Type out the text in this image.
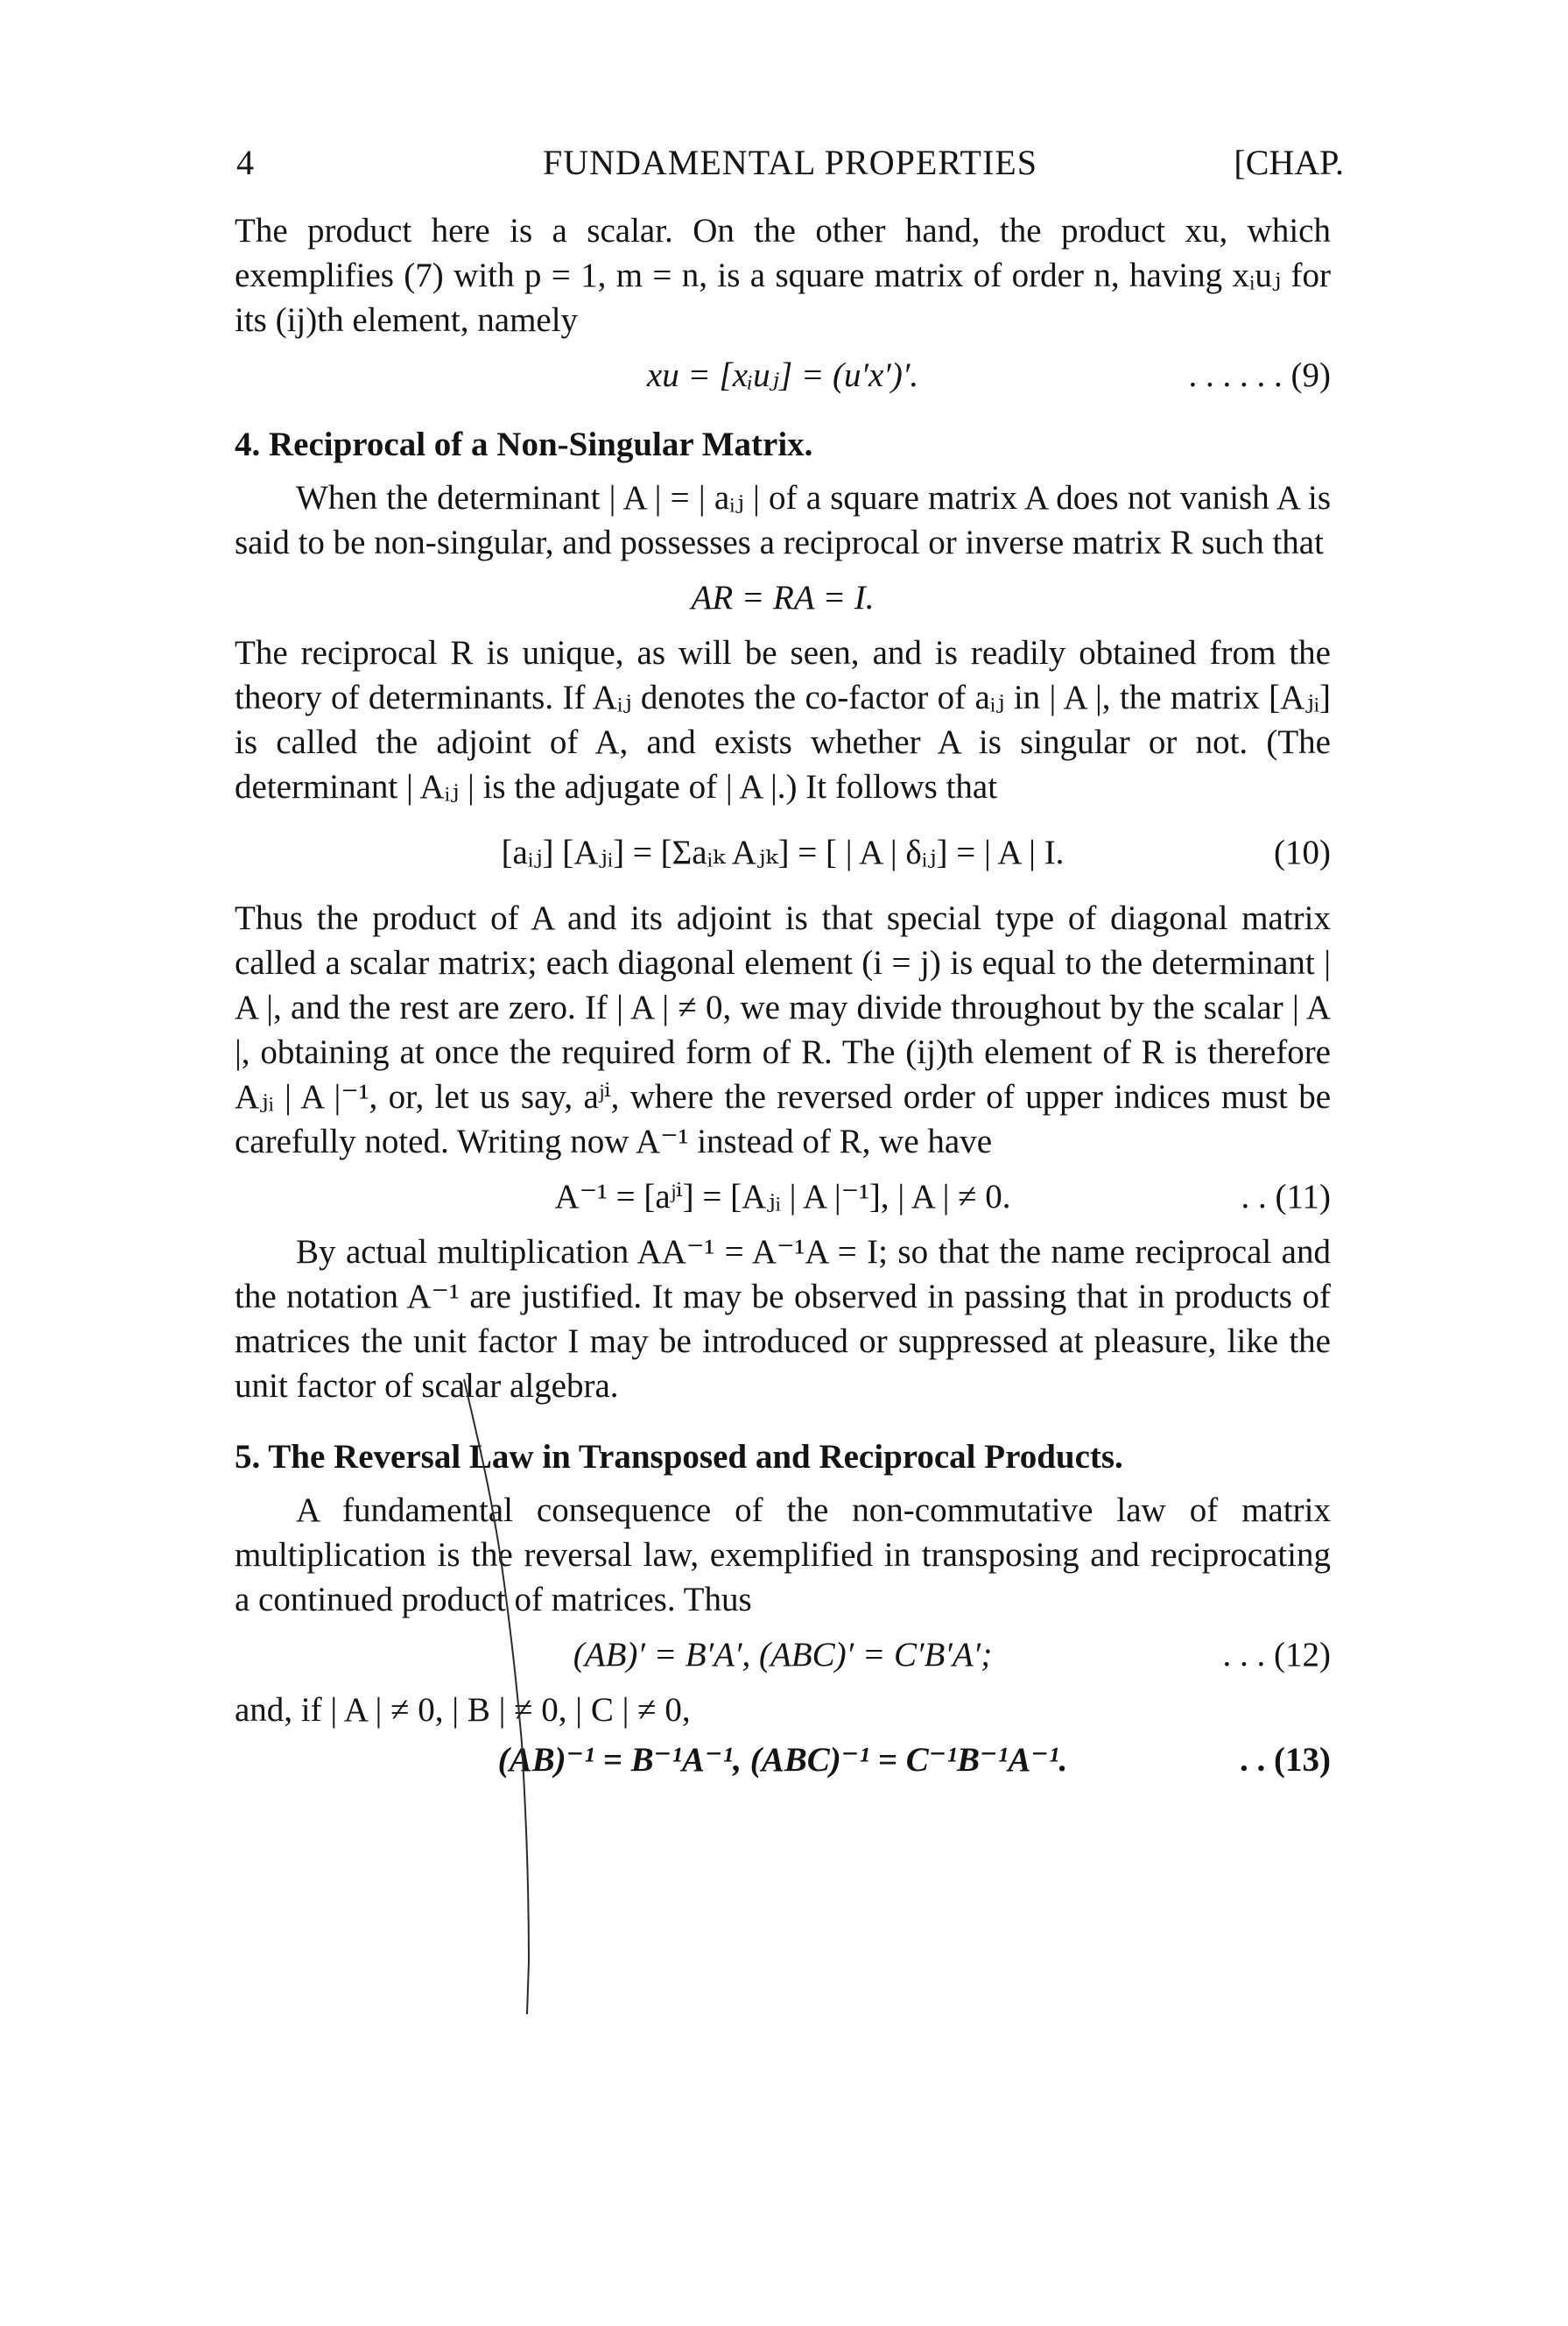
4	FUNDAMENTAL PROPERTIES	[CHAP.

The product here is a scalar. On the other hand, the product xu, which exemplifies (7) with p = 1, m = n, is a square matrix of order n, having xᵢuⱼ for its (ij)th element, namely

xu = [xᵢuⱼ] = (u′x′)′.	. . . . . . (9)
4. Reciprocal of a Non-Singular Matrix.

When the determinant | A | = | aᵢⱼ | of a square matrix A does not vanish A is said to be non-singular, and possesses a reciprocal or inverse matrix R such that

AR = RA = I.

The reciprocal R is unique, as will be seen, and is readily obtained from the theory of determinants. If Aᵢⱼ denotes the co-factor of aᵢⱼ in | A |, the matrix [Aⱼᵢ] is called the adjoint of A, and exists whether A is singular or not. (The determinant | Aᵢⱼ | is the adjugate of | A |.) It follows that

[aᵢⱼ] [Aⱼᵢ] = [Σaᵢₖ Aⱼₖ] = [ | A | δᵢⱼ] = | A | I.	(10)

Thus the product of A and its adjoint is that special type of diagonal matrix called a scalar matrix; each diagonal element (i = j) is equal to the determinant | A |, and the rest are zero. If | A | ≠ 0, we may divide throughout by the scalar | A |, obtaining at once the required form of R. The (ij)th element of R is therefore Aⱼᵢ | A |⁻¹, or, let us say, aʲⁱ, where the reversed order of upper indices must be carefully noted. Writing now A⁻¹ instead of R, we have

A⁻¹ = [aʲⁱ] = [Aⱼᵢ | A |⁻¹], | A | ≠ 0.	. . (11)

By actual multiplication AA⁻¹ = A⁻¹A = I; so that the name reciprocal and the notation A⁻¹ are justified. It may be observed in passing that in products of matrices the unit factor I may be introduced or suppressed at pleasure, like the unit factor of scalar algebra.

5. The Reversal Law in Transposed and Reciprocal Products.

A fundamental consequence of the non-commutative law of matrix multiplication is the reversal law, exemplified in transposing and reciprocating a continued product of matrices. Thus

(AB)′ = B′A′, (ABC)′ = C′B′A′;	. . . (12)
and, if | A | ≠ 0, | B | ≠ 0, | C | ≠ 0,
(AB)⁻¹ = B⁻¹A⁻¹, (ABC)⁻¹ = C⁻¹B⁻¹A⁻¹.	. . (13)
